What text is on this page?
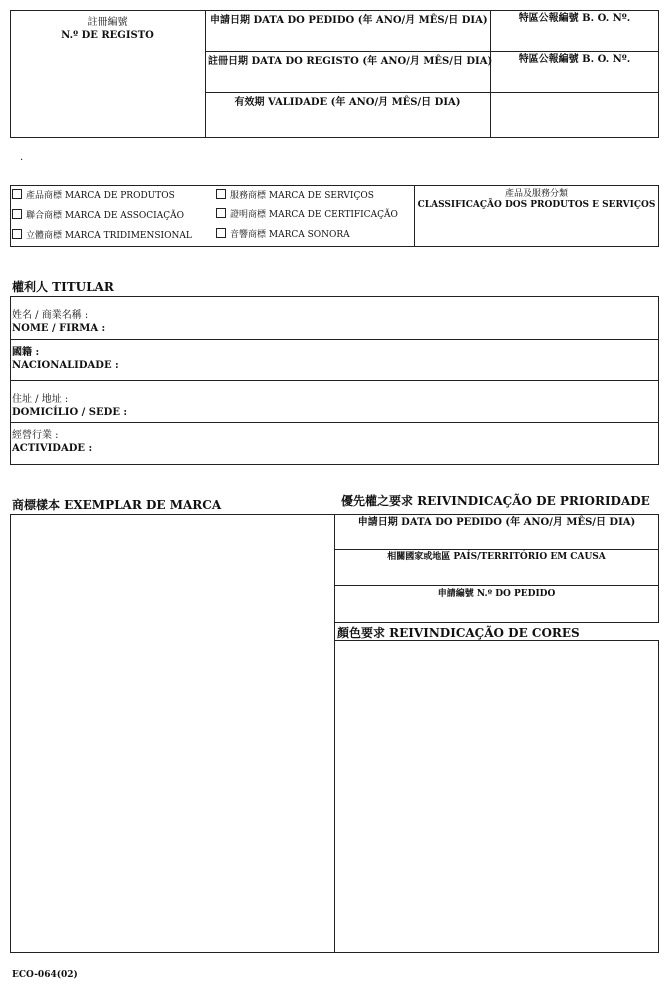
註冊編號
N.º DE REGISTO
申請日期 DATA DO PEDIDO (年 ANO/月 MÊS/日 DIA)
註冊日期 DATA DO REGISTO (年 ANO/月 MÊS/日 DIA)
有效期 VALIDADE (年 ANO/月 MÊS/日 DIA)
特區公報編號 B. O. Nº.
特區公報編號 B. O. Nº.
.
產品商標 MARCA DE PRODUTOS
聯合商標 MARCA DE ASSOCIAÇÃO
立體商標 MARCA TRIDIMENSIONAL
服務商標 MARCA DE SERVIÇOS
證明商標 MARCA DE CERTIFICAÇÃO
音響商標 MARCA SONORA
產品及服務分類
CLASSIFICAÇÃO DOS PRODUTOS E SERVIÇOS
權利人 TITULAR
姓名 / 商業名稱 :
NOME / FIRMA :
國籍 :
NACIONALIDADE :
住址 / 地址 :
DOMICÍLIO / SEDE :
經營行業 :
ACTIVIDADE :
商標樣本 EXEMPLAR DE MARCA	優先權之要求 REIVINDICAÇÃO DE PRIORIDADE
申請日期 DATA DO PEDIDO (年 ANO/月 MÊS/日 DIA)
相關國家或地區 PAÍS/TERRITÓRIO EM CAUSA
申請編號 N.º DO PEDIDO
顏色要求 REIVINDICAÇÃO DE CORES
ECO-064(02)
